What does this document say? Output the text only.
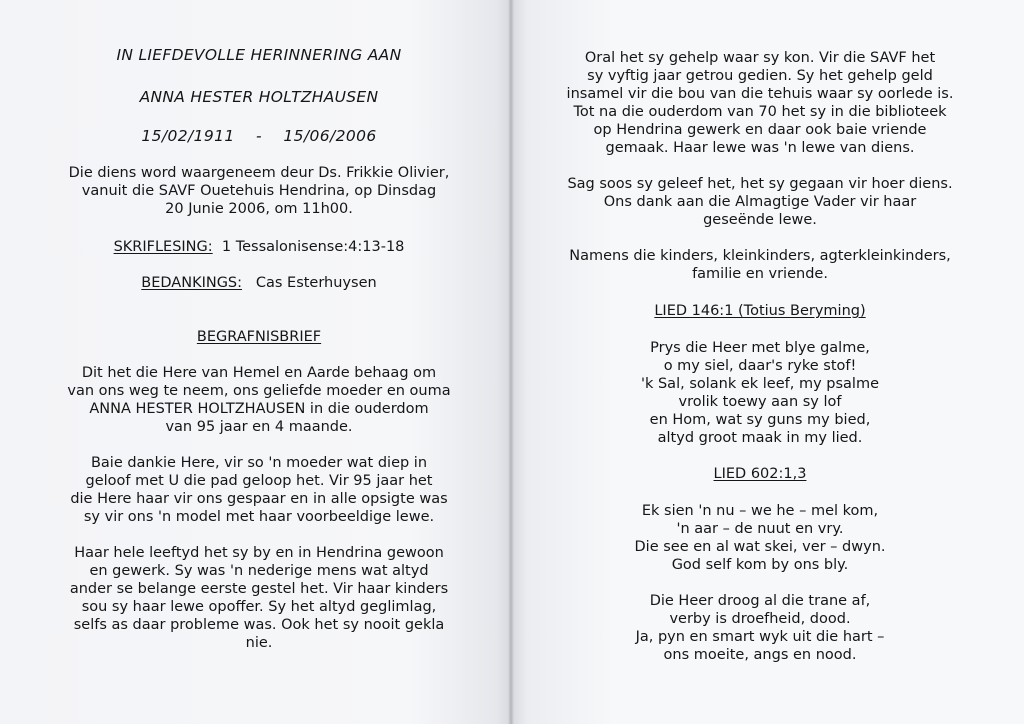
IN LIEFDEVOLLE HERINNERING AAN
ANNA HESTER HOLTZHAUSEN
15/02/1911 - 15/06/2006
Die diens word waargeneem deur Ds. Frikkie Olivier,
vanuit die SAVF Ouetehuis Hendrina, op Dinsdag
20 Junie 2006, om 11h00.
SKRIFLESING: 1 Tessalonisense:4:13-18
BEDANKINGS: Cas Esterhuysen
BEGRAFNISBRIEF
Dit het die Here van Hemel en Aarde behaag om
van ons weg te neem, ons geliefde moeder en ouma
ANNA HESTER HOLTZHAUSEN in die ouderdom
van 95 jaar en 4 maande.
Baie dankie Here, vir so 'n moeder wat diep in
geloof met U die pad geloop het. Vir 95 jaar het
die Here haar vir ons gespaar en in alle opsigte was
sy vir ons 'n model met haar voorbeeldige lewe.
Haar hele leeftyd het sy by en in Hendrina gewoon
en gewerk. Sy was 'n nederige mens wat altyd
ander se belange eerste gestel het. Vir haar kinders
sou sy haar lewe opoffer. Sy het altyd geglimlag,
selfs as daar probleme was. Ook het sy nooit gekla
nie.
Oral het sy gehelp waar sy kon. Vir die SAVF het
sy vyftig jaar getrou gedien. Sy het gehelp geld
insamel vir die bou van die tehuis waar sy oorlede is.
Tot na die ouderdom van 70 het sy in die biblioteek
op Hendrina gewerk en daar ook baie vriende
gemaak. Haar lewe was 'n lewe van diens.
Sag soos sy geleef het, het sy gegaan vir hoer diens.
Ons dank aan die Almagtige Vader vir haar
geseënde lewe.
Namens die kinders, kleinkinders, agterkleinkinders,
familie en vriende.
LIED 146:1 (Totius Beryming)
Prys die Heer met blye galme,
o my siel, daar's ryke stof!
'k Sal, solank ek leef, my psalme
vrolik toewy aan sy lof
en Hom, wat sy guns my bied,
altyd groot maak in my lied.
LIED 602:1,3
Ek sien 'n nu – we he – mel kom,
'n aar – de nuut en vry.
Die see en al wat skei, ver – dwyn.
God self kom by ons bly.
Die Heer droog al die trane af,
verby is droefheid, dood.
Ja, pyn en smart wyk uit die hart –
ons moeite, angs en nood.
